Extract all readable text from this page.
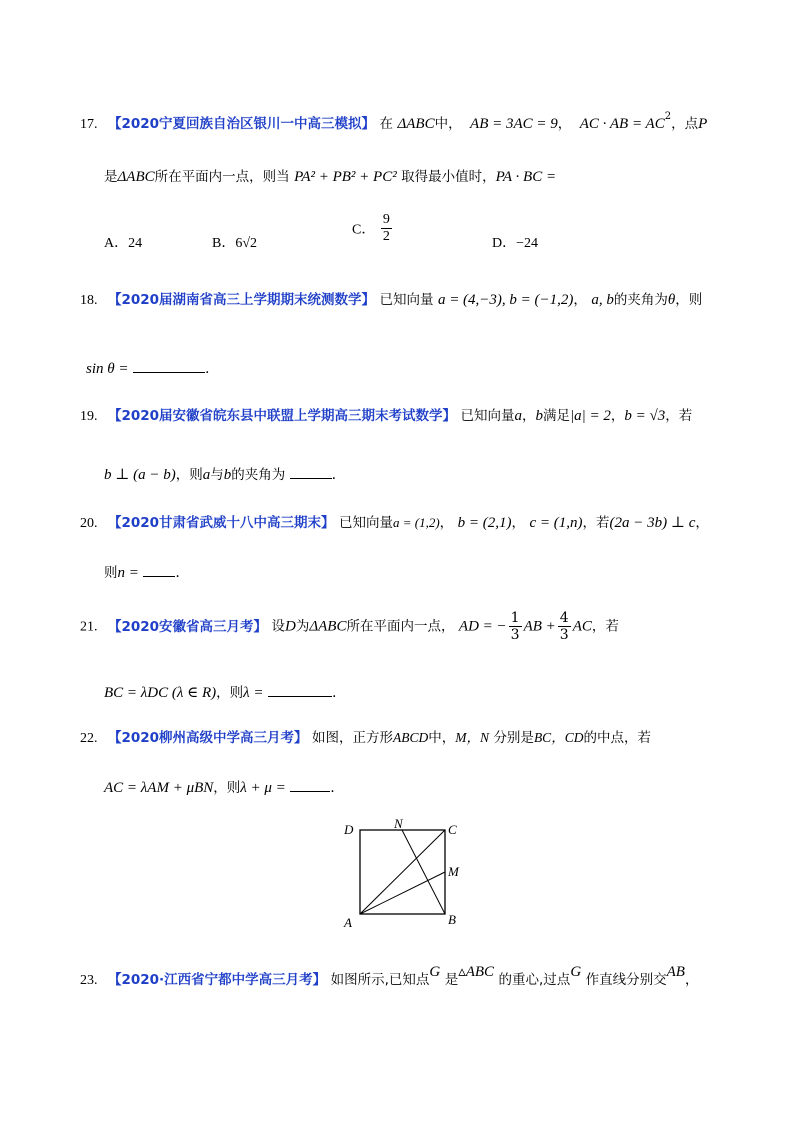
17. 【2020宁夏回族自治区银川一中高三模拟】 在 ΔABC中， AB = 3AC = 9， AC · AB = $AC^2$，点P
是ΔABC所在平面内一点，则当 PA² + PB² + PC² 取得最小值时，PA · BC =
A．24	B．6√2
C． $\frac{9}{2}$	D．−24
18. 【2020届湖南省高三上学期期末统测数学】 已知向量 a = (4,−3), b = (−1,2)， a, b的夹角为θ，则
sin θ =	.
19. 【2020届安徽省皖东县中联盟上学期高三期末考试数学】 已知向量a，b满足|a| = 2，b = √3，若
b ⊥ (a − b)，则a与b的夹角为	.
20. 【2020甘肃省武威十八中高三期末】 已知向量a = (1,2)， b = (2,1)， c = (1,n)，若(2a − 3b) ⊥ c，
则n =	.
21. 【2020安徽省高三月考】 设D为ΔABC所在平面内一点， AD = − $\frac{1}{3}$ AB + $\frac{4}{3}$ AC，若
BC = λDC (λ ∈ R)，则λ =	.
22. 【2020柳州高级中学高三月考】 如图，正方形ABCD中，M，N 分别是BC，CD的中点，若
AC = λAM + μBN，则λ + μ =	.
D	N	C
M
A	B
23. 【2020·江西省宁都中学高三月考】 如图所示,已知点G 是▵ABC 的重心,过点G 作直线分别交AB，
